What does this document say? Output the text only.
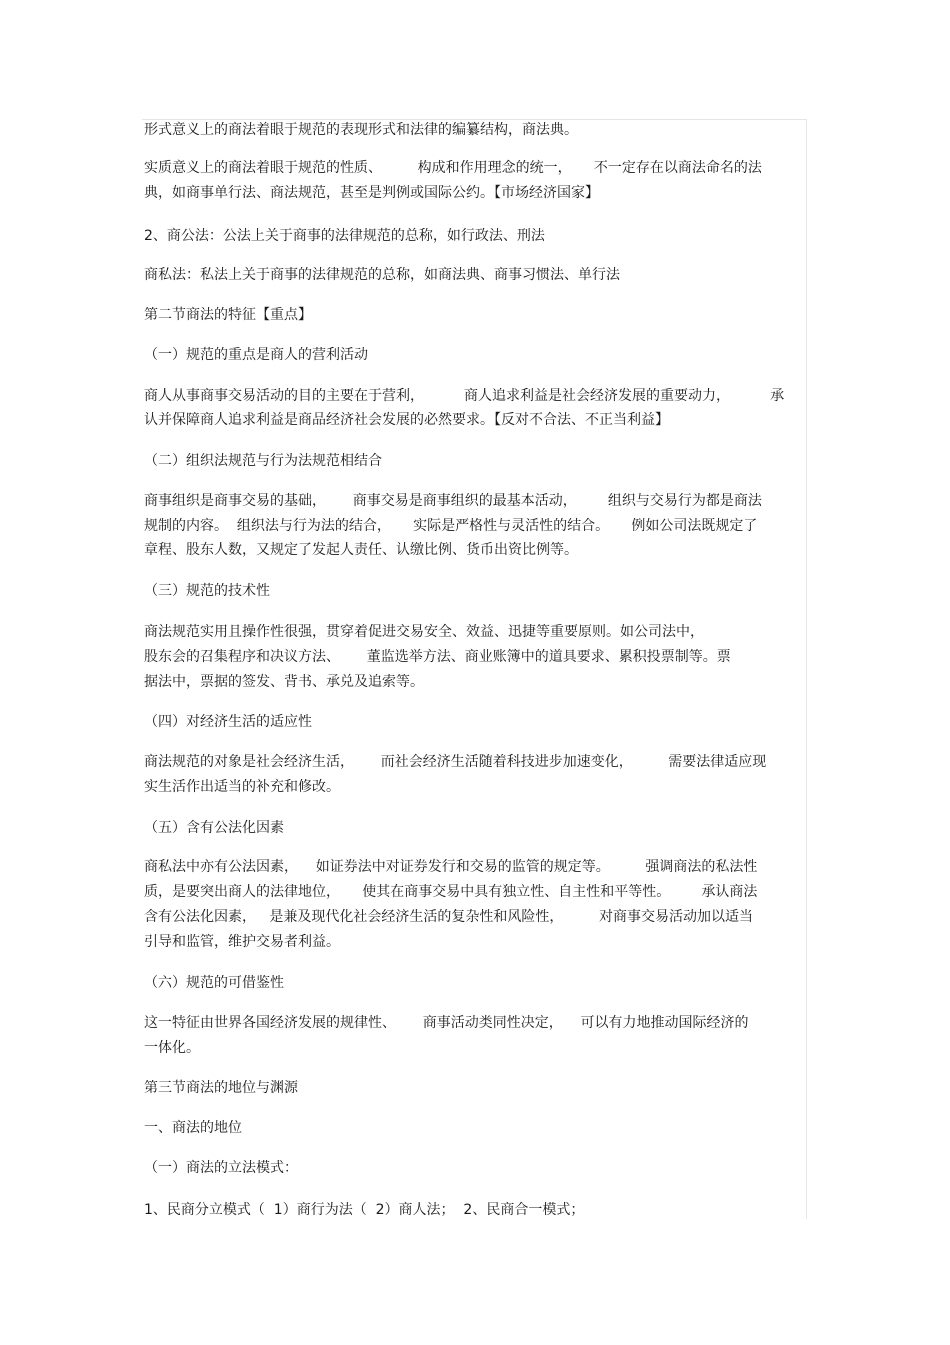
形式意义上的商法着眼于规范的表现形式和法律的编纂结构，商法典。
实质意义上的商法着眼于规范的性质、        构成和作用理念的统一，     不一定存在以商法命名的法
典，如商事单行法、商法规范，甚至是判例或国际公约。【市场经济国家】
2、商公法：公法上关于商事的法律规范的总称，如行政法、刑法
商私法：私法上关于商事的法律规范的总称，如商法典、商事习惯法、单行法
第二节商法的特征【重点】
（一）规范的重点是商人的营利活动
商人从事商事交易活动的目的主要在于营利，         商人追求利益是社会经济发展的重要动力，         承
认并保障商人追求利益是商品经济社会发展的必然要求。【反对不合法、不正当利益】
（二）组织法规范与行为法规范相结合
商事组织是商事交易的基础，      商事交易是商事组织的最基本活动，       组织与交易行为都是商法
规制的内容。  组织法与行为法的结合，     实际是严格性与灵活性的结合。     例如公司法既规定了
章程、股东人数，又规定了发起人责任、认缴比例、货币出资比例等。
（三）规范的技术性
商法规范实用且操作性很强，贯穿着促进交易安全、效益、迅捷等重要原则。如公司法中，
股东会的召集程序和决议方法、      董监选举方法、商业账簿中的道具要求、累积投票制等。票
据法中，票据的签发、背书、承兑及追索等。
（四）对经济生活的适应性
商法规范的对象是社会经济生活，      而社会经济生活随着科技进步加速变化，        需要法律适应现
实生活作出适当的补充和修改。
（五）含有公法化因素
商私法中亦有公法因素，    如证券法中对证券发行和交易的监管的规定等。        强调商法的私法性
质，是要突出商人的法律地位，     使其在商事交易中具有独立性、自主性和平等性。       承认商法
含有公法化因素，   是兼及现代化社会经济生活的复杂性和风险性，        对商事交易活动加以适当
引导和监管，维护交易者利益。
（六）规范的可借鉴性
这一特征由世界各国经济发展的规律性、      商事活动类同性决定，    可以有力地推动国际经济的
一体化。
第三节商法的地位与渊源
一、商法的地位
（一）商法的立法模式：
1、民商分立模式（  1）商行为法（  2）商人法；  2、民商合一模式；
